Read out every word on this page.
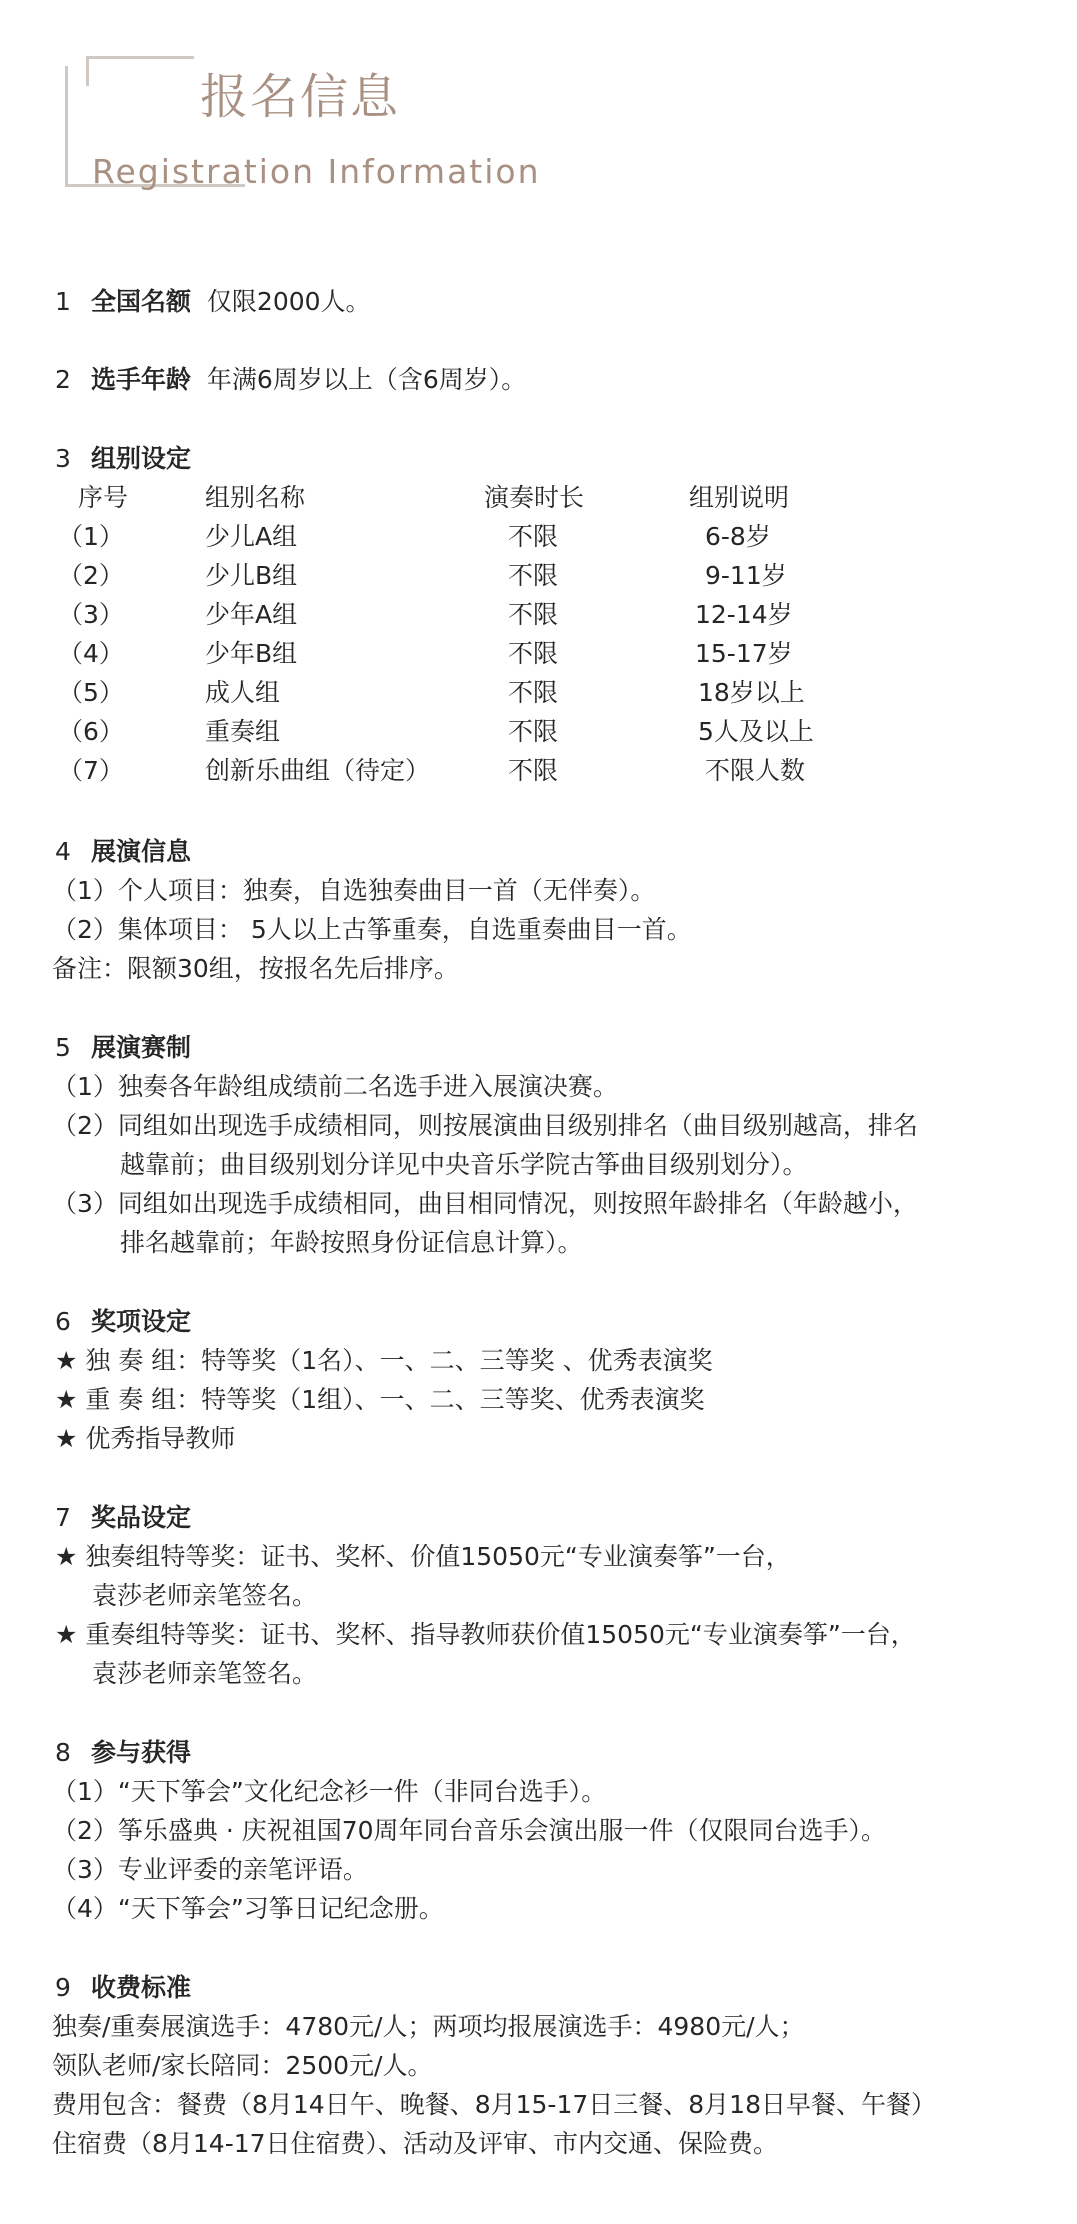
报名信息
Registration Information
1 全国名额 仅限2000人。
2 选手年龄 年满6周岁以上（含6周岁）。
3 组别设定
序号	组别名称	演奏时长	组别说明
（1）	少儿A组	不限	6-8岁
（2）	少儿B组	不限	9-11岁
（3）	少年A组	不限	12-14岁
（4）	少年B组	不限	15-17岁
（5）	成人组	不限	18岁以上
（6）	重奏组	不限	5人及以上
（7）	创新乐曲组（待定）	不限	不限人数
4 展演信息
（1）个人项目：独奏，自选独奏曲目一首（无伴奏）。
（2）集体项目： 5人以上古筝重奏，自选重奏曲目一首。
备注：限额30组，按报名先后排序。
5 展演赛制
（1）独奏各年龄组成绩前二名选手进入展演决赛。
（2）同组如出现选手成绩相同，则按展演曲目级别排名（曲目级别越高，排名
越靠前；曲目级别划分详见中央音乐学院古筝曲目级别划分）。
（3）同组如出现选手成绩相同，曲目相同情况，则按照年龄排名（年龄越小，
排名越靠前；年龄按照身份证信息计算）。
6 奖项设定
★ 独 奏 组：特等奖（1名）、一、二、三等奖 、优秀表演奖
★ 重 奏 组：特等奖（1组）、一、二、三等奖、优秀表演奖
★ 优秀指导教师
7 奖品设定
★ 独奏组特等奖：证书、奖杯、价值15050元“专业演奏筝”一台，
袁莎老师亲笔签名。
★ 重奏组特等奖：证书、奖杯、指导教师获价值15050元“专业演奏筝”一台，
袁莎老师亲笔签名。
8 参与获得
（1）“天下筝会”文化纪念衫一件（非同台选手）。
（2）筝乐盛典 · 庆祝祖国70周年同台音乐会演出服一件（仅限同台选手）。
（3）专业评委的亲笔评语。
（4）“天下筝会”习筝日记纪念册。
9 收费标准
独奏/重奏展演选手：4780元/人；两项均报展演选手：4980元/人；
领队老师/家长陪同：2500元/人。
费用包含：餐费（8月14日午、晚餐、8月15-17日三餐、8月18日早餐、午餐）
住宿费（8月14-17日住宿费）、活动及评审、市内交通、保险费。
